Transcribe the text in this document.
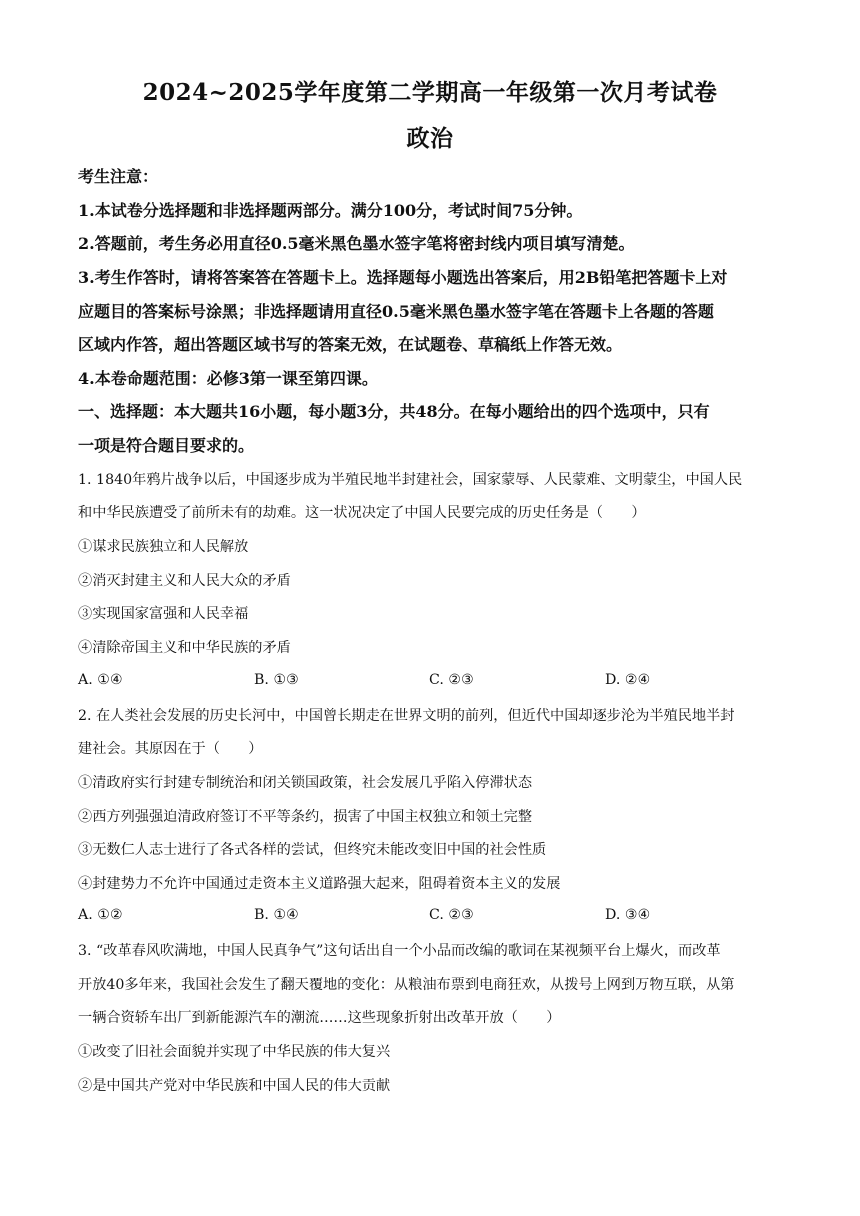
2024~2025学年度第二学期高一年级第一次月考试卷
政治
考生注意：
1.本试卷分选择题和非选择题两部分。满分100分，考试时间75分钟。
2.答题前，考生务必用直径0.5毫米黑色墨水签字笔将密封线内项目填写清楚。
3.考生作答时，请将答案答在答题卡上。选择题每小题选出答案后，用2B铅笔把答题卡上对
应题目的答案标号涂黑；非选择题请用直径0.5毫米黑色墨水签字笔在答题卡上各题的答题
区域内作答，超出答题区域书写的答案无效，在试题卷、草稿纸上作答无效。
4.本卷命题范围：必修3第一课至第四课。
一、选择题：本大题共16小题，每小题3分，共48分。在每小题给出的四个选项中，只有
一项是符合题目要求的。
1. 1840年鸦片战争以后，中国逐步成为半殖民地半封建社会，国家蒙辱、人民蒙难、文明蒙尘，中国人民
和中华民族遭受了前所未有的劫难。这一状况决定了中国人民要完成的历史任务是（　　）
①谋求民族独立和人民解放
②消灭封建主义和人民大众的矛盾
③实现国家富强和人民幸福
④清除帝国主义和中华民族的矛盾
A. ①④	B. ①③	C. ②③	D. ②④
2. 在人类社会发展的历史长河中，中国曾长期走在世界文明的前列，但近代中国却逐步沦为半殖民地半封
建社会。其原因在于（　　）
①清政府实行封建专制统治和闭关锁国政策，社会发展几乎陷入停滞状态
②西方列强强迫清政府签订不平等条约，损害了中国主权独立和领土完整
③无数仁人志士进行了各式各样的尝试，但终究未能改变旧中国的社会性质
④封建势力不允许中国通过走资本主义道路强大起来，阻碍着资本主义的发展
A. ①②	B. ①④	C. ②③	D. ③④
3. “改革春风吹满地，中国人民真争气”这句话出自一个小品而改编的歌词在某视频平台上爆火，而改革
开放40多年来，我国社会发生了翻天覆地的变化：从粮油布票到电商狂欢，从拨号上网到万物互联，从第
一辆合资轿车出厂到新能源汽车的潮流……这些现象折射出改革开放（　　）
①改变了旧社会面貌并实现了中华民族的伟大复兴
②是中国共产党对中华民族和中国人民的伟大贡献
